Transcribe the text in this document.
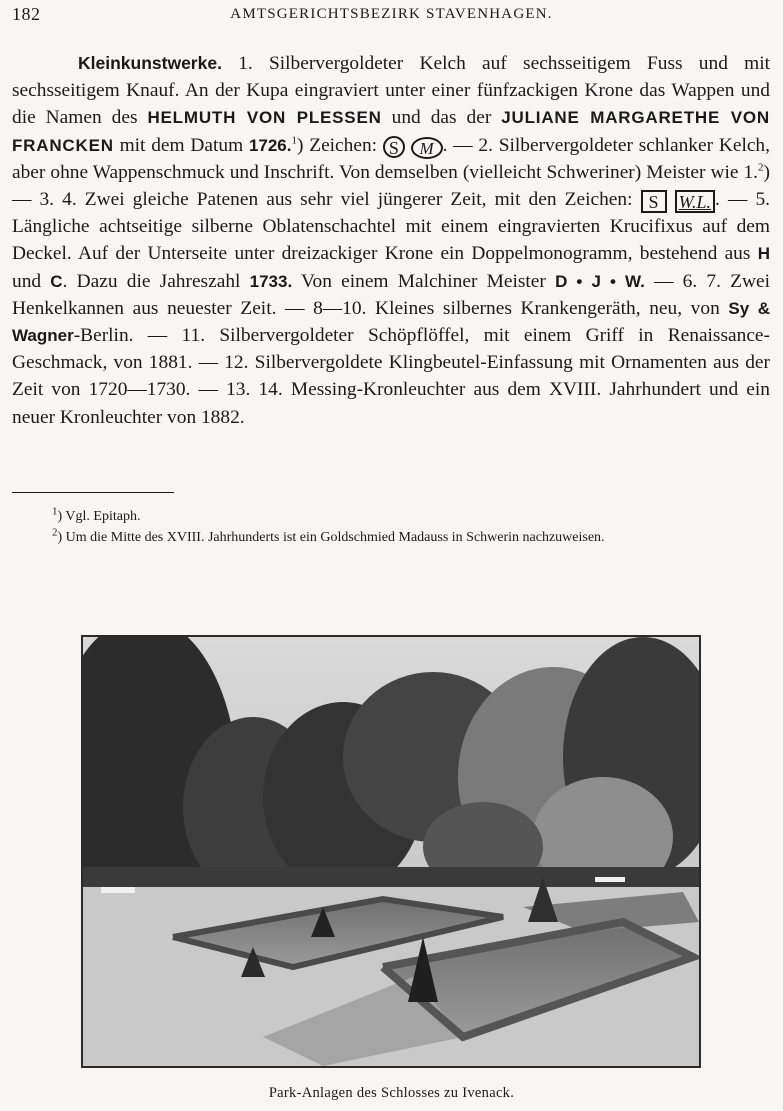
182	AMTSGERICHTSBEZIRK STAVENHAGEN.

Kleinkunstwerke. 1. Silbervergoldeter Kelch auf sechsseitigem Fuss und mit sechsseitigem Knauf. An der Kupa eingraviert unter einer fünfzackigen Krone das Wappen und die Namen des HELMUTH VON PLESSEN und das der JULIANE MARGARETHE VON FRANCKEN mit dem Datum 1726.$^1$) Zeichen: S M . — 2. Silbervergoldeter schlanker Kelch, aber ohne Wappenschmuck und Inschrift. Von demselben (vielleicht Schweriner) Meister wie 1.$^2$) — 3. 4. Zwei gleiche Patenen aus sehr viel jüngerer Zeit, mit den Zeichen: S W.L. . — 5. Längliche achtseitige silberne Oblatenschachtel mit einem eingravierten Krucifixus auf dem Deckel. Auf der Unterseite unter dreizackiger Krone ein Doppelmonogramm, bestehend aus H und C. Dazu die Jahreszahl 1733. Von einem Malchiner Meister D • J • W. — 6. 7. Zwei Henkelkannen aus neuester Zeit. — 8—10. Kleines silbernes Krankengeräth, neu, von Sy & Wagner-Berlin. — 11. Silbervergoldeter Schöpflöffel, mit einem Griff in Renaissance-Geschmack, von 1881. — 12. Silbervergoldete Klingbeutel-Einfassung mit Ornamenten aus der Zeit von 1720—1730. — 13. 14. Messing-Kronleuchter aus dem XVIII. Jahrhundert und ein neuer Kronleuchter von 1882.

$^1$) Vgl. Epitaph.

$^2$) Um die Mitte des XVIII. Jahrhunderts ist ein Goldschmied Madauss in Schwerin nachzuweisen.

Park-Anlagen des Schlosses zu Ivenack.
